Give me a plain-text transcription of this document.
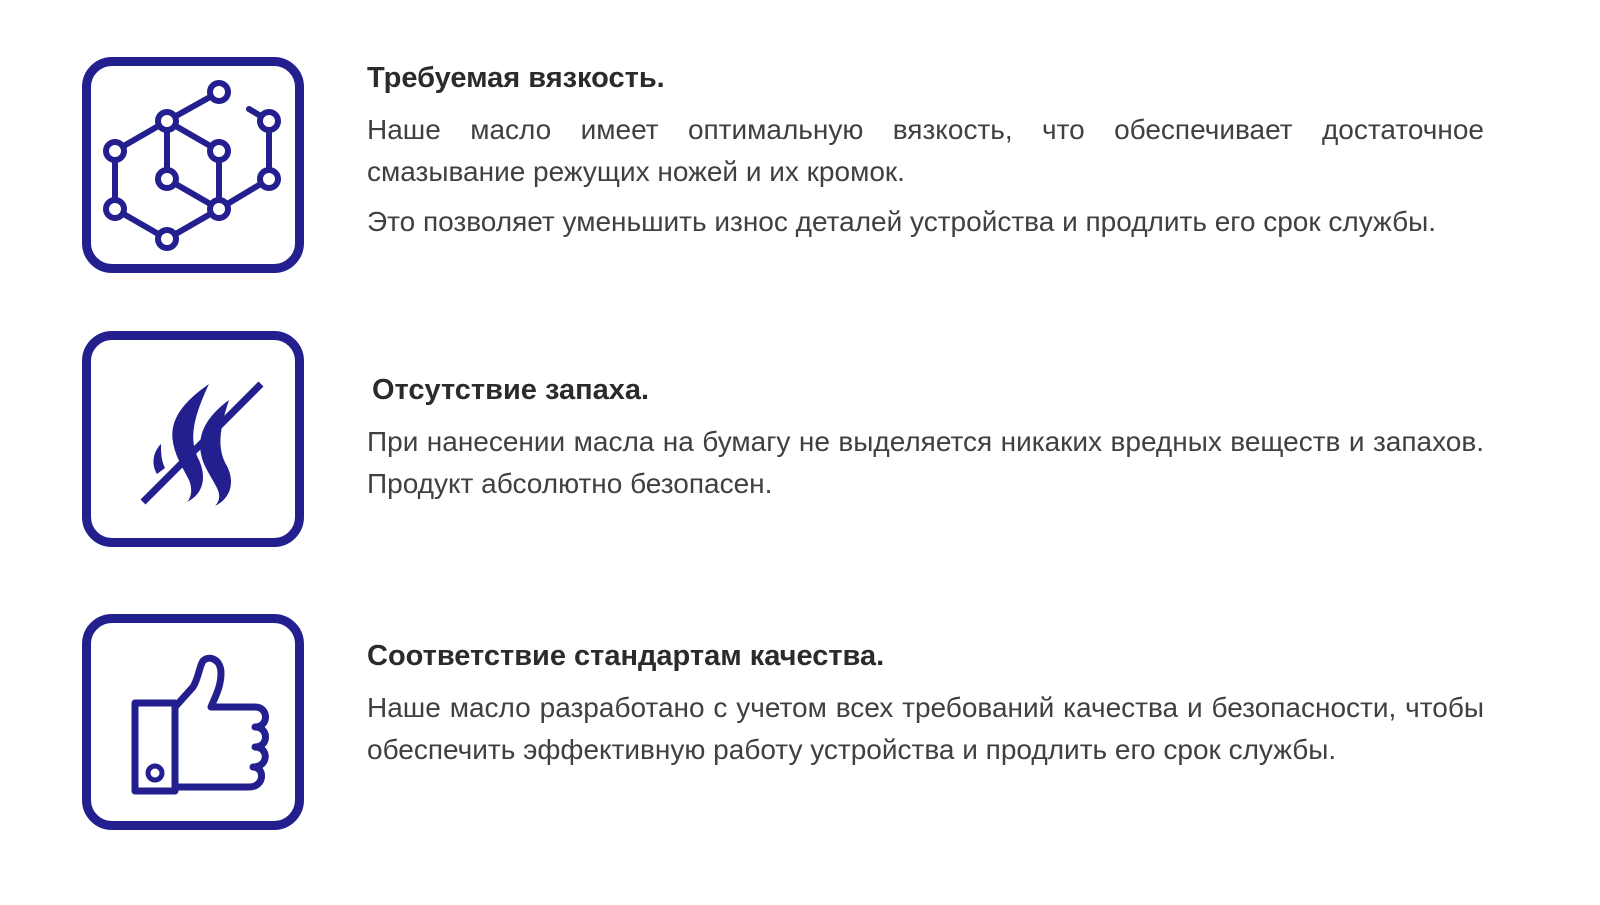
Требуемая вязкость.

Наше масло имеет оптимальную вязкость, что обеспечивает достаточное смазывание режущих ножей и их кромок.

Это позволяет уменьшить износ деталей устройства и продлить его срок службы.

Отсутствие запаха.

При нанесении масла на бумагу не выделяется никаких вредных веществ и запахов. Продукт абсолютно безопасен.

Соответствие стандартам качества.

Наше масло разработано с учетом всех требований качества и безопасности, чтобы обеспечить эффективную работу устройства и продлить его срок службы.
